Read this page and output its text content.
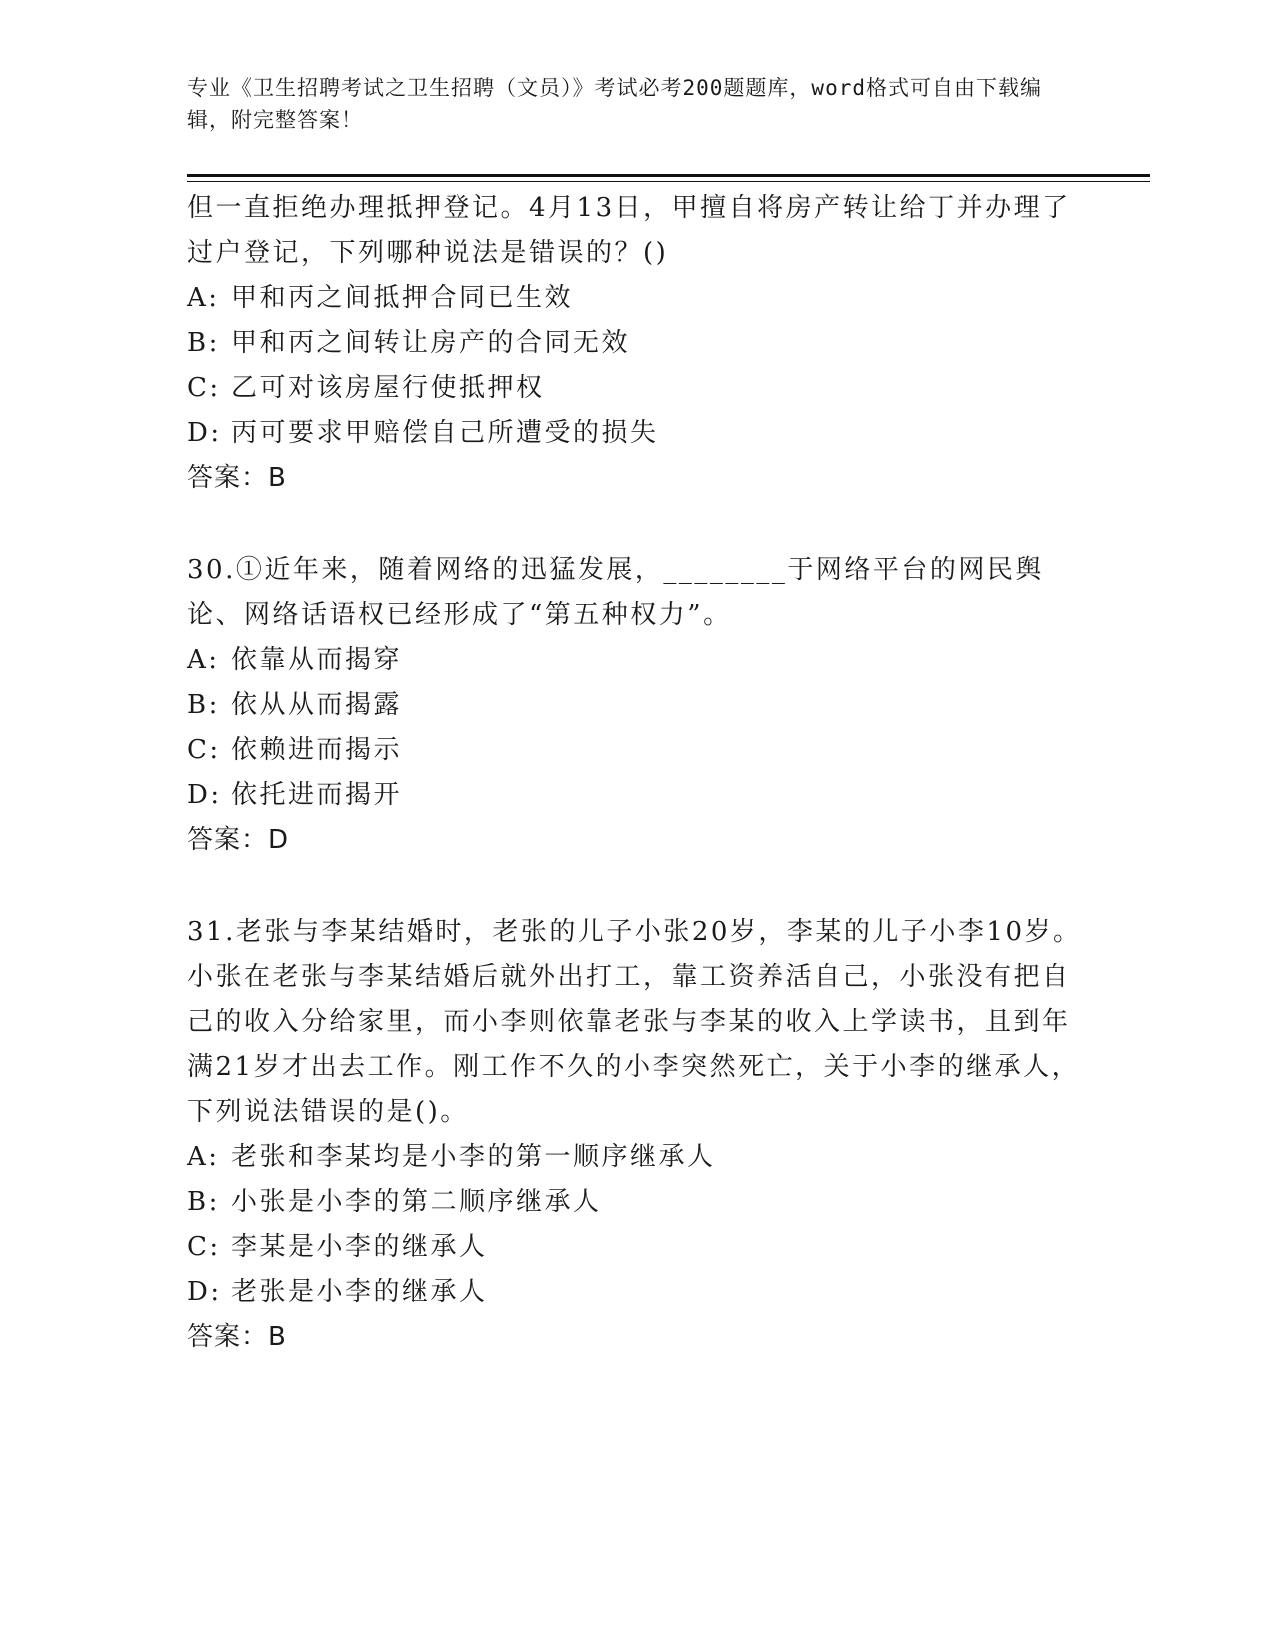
专业《卫生招聘考试之卫生招聘（文员）》考试必考200题题库，word格式可自由下载编辑，附完整答案！

但一直拒绝办理抵押登记。4月13日，甲擅自将房产转让给丁并办理了过户登记，下列哪种说法是错误的？()

A: 甲和丙之间抵押合同已生效
B: 甲和丙之间转让房产的合同无效
C: 乙可对该房屋行使抵押权
D: 丙可要求甲赔偿自己所遭受的损失

答案：B

30.①近年来，随着网络的迅猛发展，________于网络平台的网民舆论、网络话语权已经形成了“第五种权力”。

A: 依靠从而揭穿
B: 依从从而揭露
C: 依赖进而揭示
D: 依托进而揭开

答案：D

31.老张与李某结婚时，老张的儿子小张20岁，李某的儿子小李10岁。小张在老张与李某结婚后就外出打工，靠工资养活自己，小张没有把自己的收入分给家里，而小李则依靠老张与李某的收入上学读书，且到年满21岁才出去工作。刚工作不久的小李突然死亡，关于小李的继承人，下列说法错误的是()。

A: 老张和李某均是小李的第一顺序继承人
B: 小张是小李的第二顺序继承人
C: 李某是小李的继承人
D: 老张是小李的继承人

答案：B
